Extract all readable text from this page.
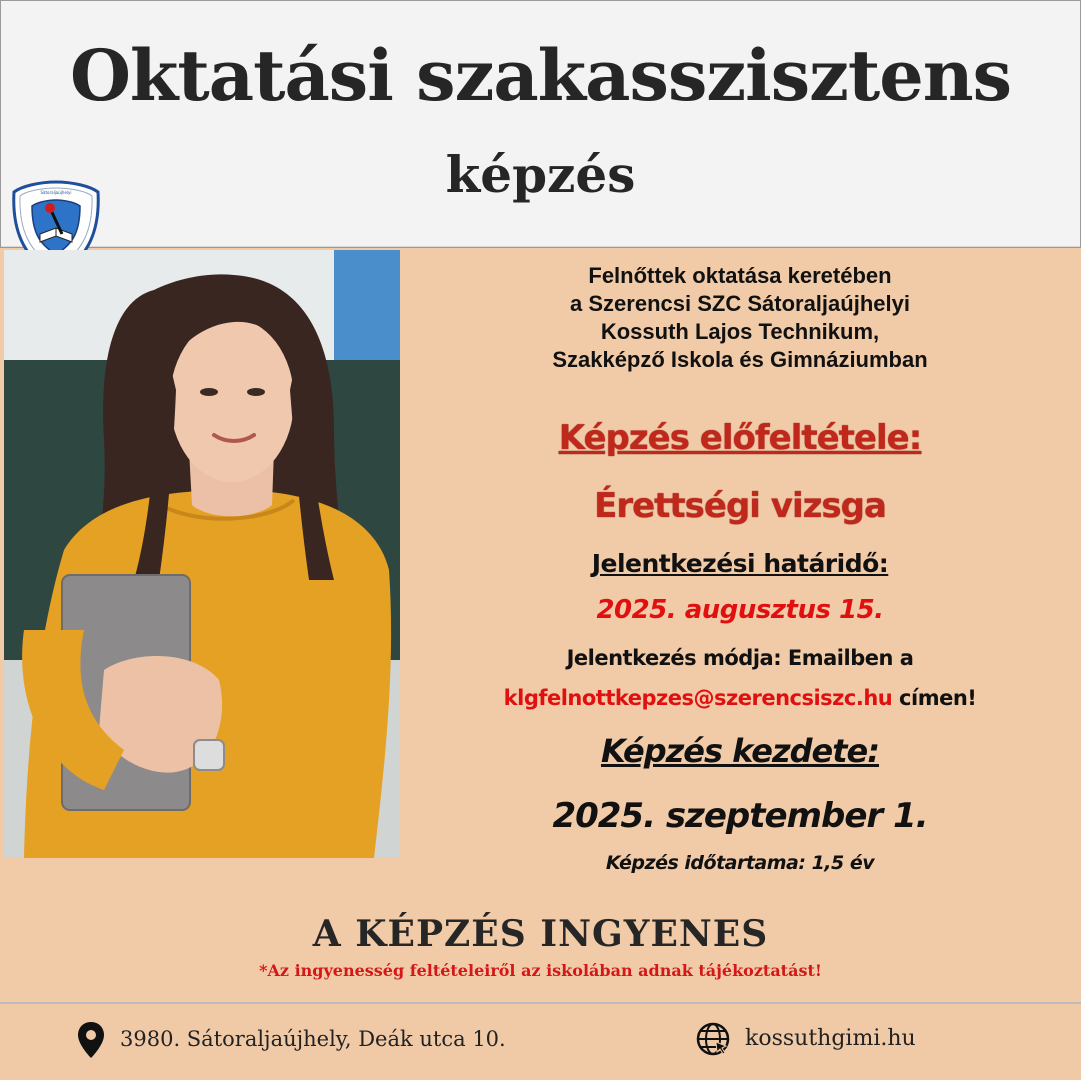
Oktatási szakasszisztens
képzés
Sátoraljaújhelyi

Felnőttek oktatása keretében

a Szerencsi SZC Sátoraljaújhelyi

Kossuth Lajos Technikum,

Szakképző Iskola és Gimnáziumban

Képzés előfeltétele:
Érettségi vizsga
Jelentkezési határidő:
2025. augusztus 15.
Jelentkezés módja: Emailben a
klgfelnottkepzes@szerencsiszc.hu címen!
Képzés kezdete:
2025. szeptember 1.
Képzés időtartama: 1,5 év
A KÉPZÉS INGYENES
*Az ingyenesség feltételeiről az iskolában adnak tájékoztatást!
3980. Sátoraljaújhely, Deák utca 10.	kossuthgimi.hu
